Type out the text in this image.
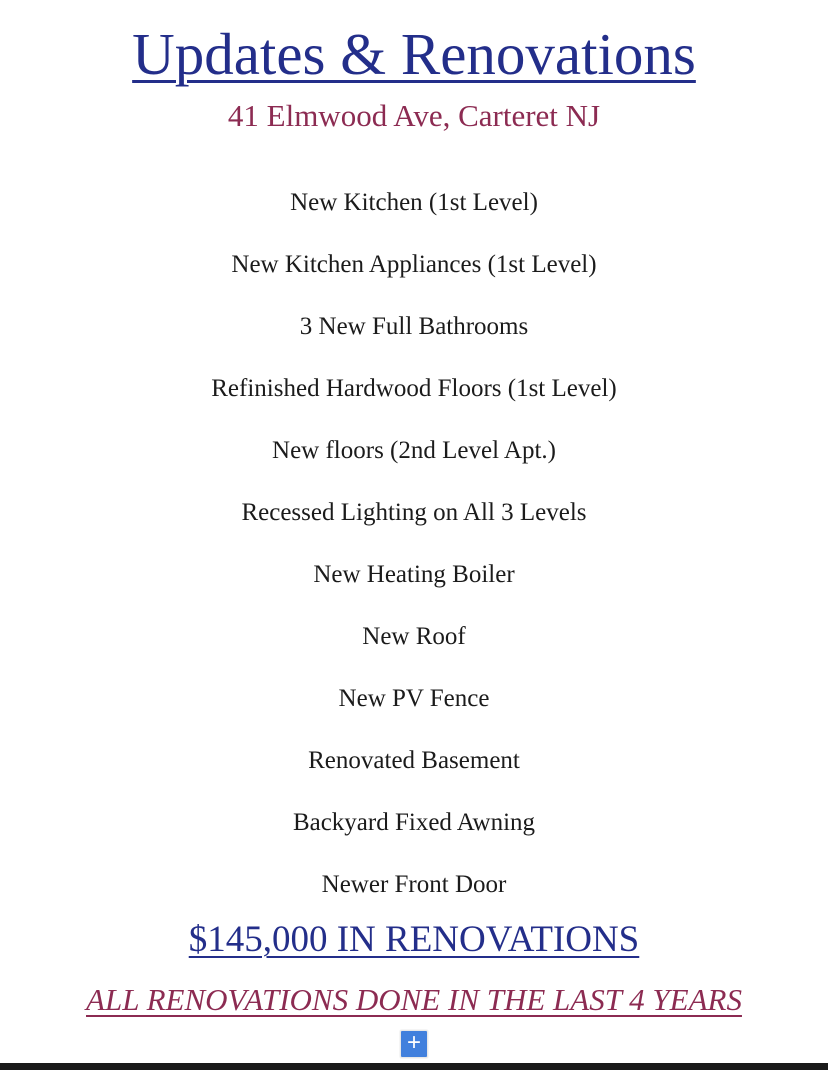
Updates & Renovations
41 Elmwood Ave, Carteret NJ
New Kitchen (1st Level)
New Kitchen Appliances (1st Level)
3 New Full Bathrooms
Refinished Hardwood Floors (1st Level)
New floors (2nd Level Apt.)
Recessed Lighting on All 3 Levels
New Heating Boiler
New Roof
New PV Fence
Renovated Basement
Backyard Fixed Awning
Newer Front Door
$145,000 IN RENOVATIONS
ALL RENOVATIONS DONE IN THE LAST 4 YEARS
+
